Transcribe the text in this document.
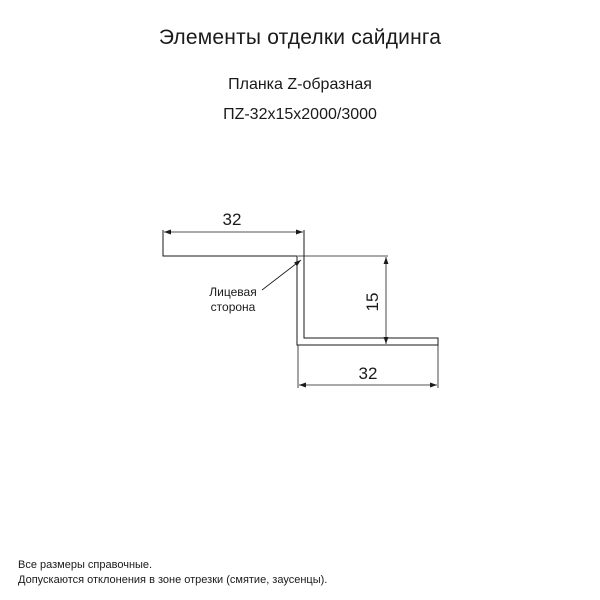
Элементы отделки сайдинга
Планка Z-образная
ПZ-32x15x2000/3000
32
15
32
Лицевая
сторона
Все размеры справочные.
Допускаются отклонения в зоне отрезки (смятие, заусенцы).
